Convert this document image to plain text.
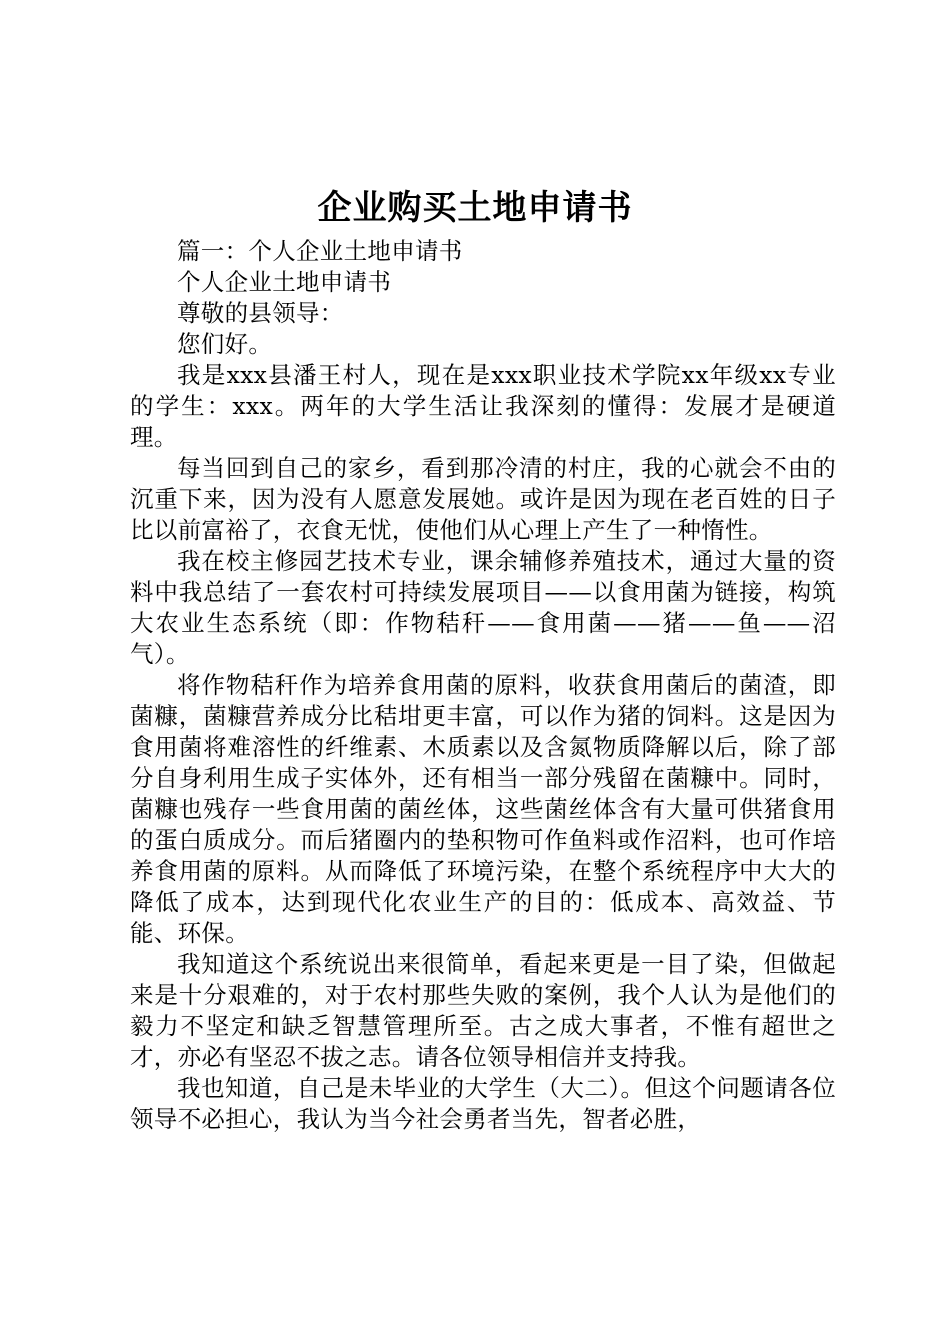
企业购买土地申请书

篇一：个人企业土地申请书

个人企业土地申请书

尊敬的县领导：

您们好。

我是xxx县潘王村人，现在是xxx职业技术学院xx年级xx专业的学生：xxx。两年的大学生活让我深刻的懂得：发展才是硬道理。

每当回到自己的家乡，看到那冷清的村庄，我的心就会不由的沉重下来，因为没有人愿意发展她。或许是因为现在老百姓的日子比以前富裕了，衣食无忧，使他们从心理上产生了一种惰性。

我在校主修园艺技术专业，课余辅修养殖技术，通过大量的资料中我总结了一套农村可持续发展项目——以食用菌为链接，构筑大农业生态系统（即：作物秸秆——食用菌——猪——鱼——沼气）。

将作物秸秆作为培养食用菌的原料，收获食用菌后的菌渣，即菌糠，菌糠营养成分比秸坩更丰富，可以作为猪的饲料。这是因为食用菌将难溶性的纤维素、木质素以及含氮物质降解以后，除了部分自身利用生成子实体外，还有相当一部分残留在菌糠中。同时，菌糠也残存一些食用菌的菌丝体，这些菌丝体含有大量可供猪食用的蛋白质成分。而后猪圈内的垫积物可作鱼料或作沼料，也可作培养食用菌的原料。从而降低了环境污染，在整个系统程序中大大的降低了成本，达到现代化农业生产的目的：低成本、高效益、节能、环保。

我知道这个系统说出来很简单，看起来更是一目了染，但做起来是十分艰难的，对于农村那些失败的案例，我个人认为是他们的毅力不坚定和缺乏智慧管理所至。古之成大事者，不惟有超世之才，亦必有坚忍不拔之志。请各位领导相信并支持我。

我也知道，自己是未毕业的大学生（大二）。但这个问题请各位领导不必担心，我认为当今社会勇者当先，智者必胜，
